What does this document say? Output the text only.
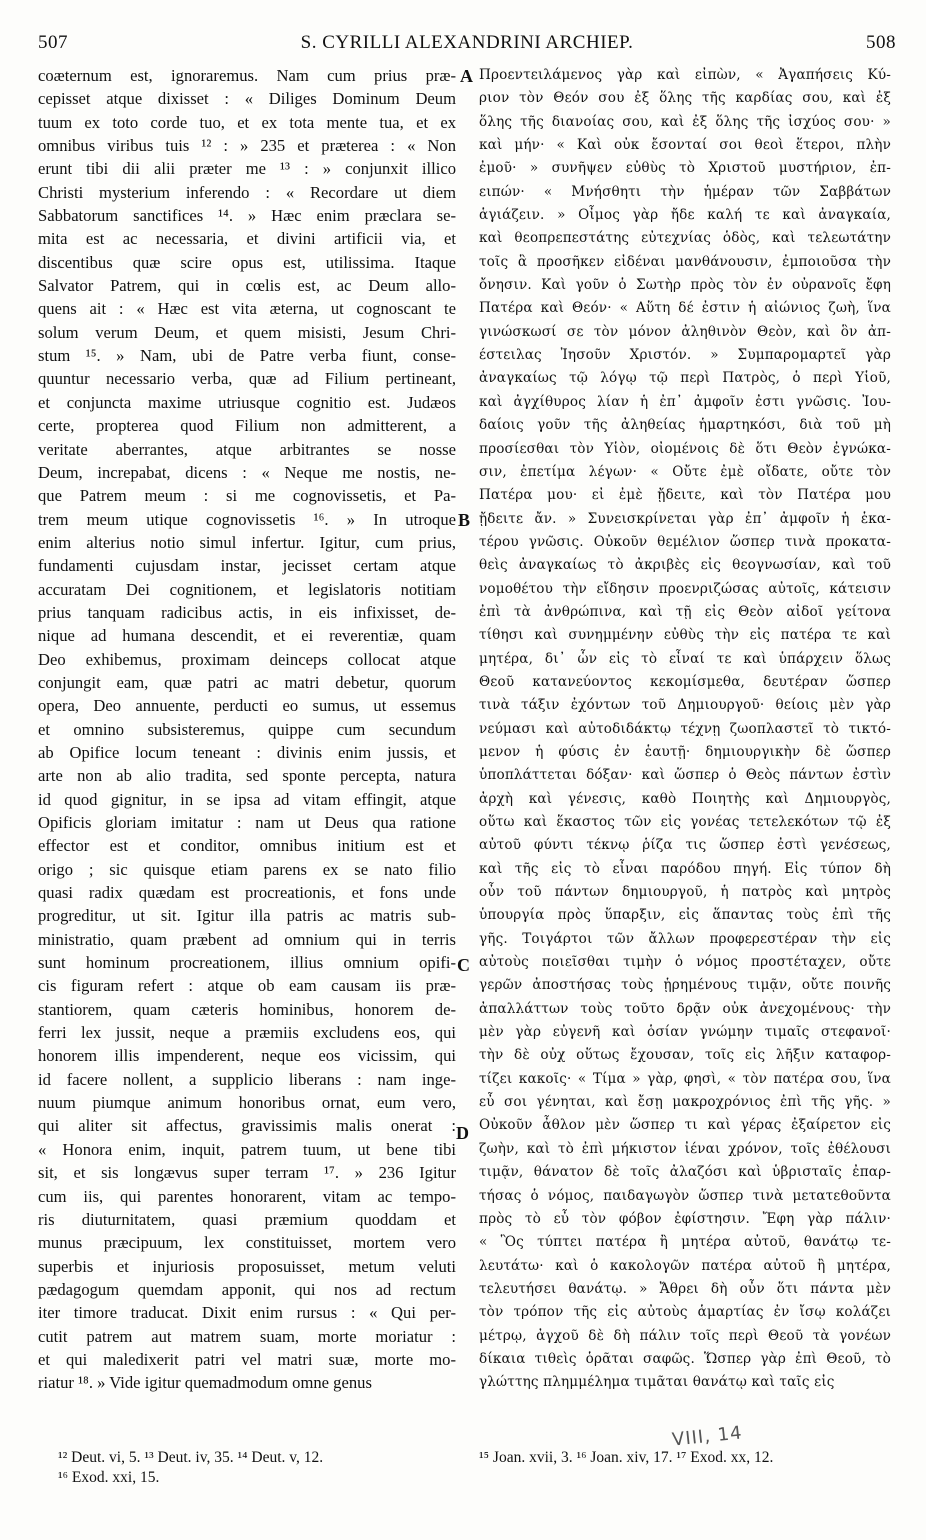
507	S. CYRILLI ALEXANDRINI ARCHIEP.	508
coæternum est, ignoraremus. Nam cum prius præ-
cepisset atque dixisset : « Diliges Dominum Deum
tuum ex toto corde tuo, et ex tota mente tua, et ex
omnibus viribus tuis ¹² : » 235 et præterea : « Non
erunt tibi dii alii præter me ¹³ : » conjunxit illico
Christi mysterium inferendo : « Recordare ut diem
Sabbatorum sanctifices ¹⁴. » Hæc enim præclara se-
mita est ac necessaria, et divini artificii via, et
discentibus quæ scire opus est, utilissima. Itaque
Salvator Patrem, qui in cœlis est, ac Deum allo-
quens ait : « Hæc est vita æterna, ut cognoscant te
solum verum Deum, et quem misisti, Jesum Chri-
stum ¹⁵. » Nam, ubi de Patre verba fiunt, conse-
quuntur necessario verba, quæ ad Filium pertineant,
et conjuncta maxime utriusque cognitio est. Judæos
certe, propterea quod Filium non admitterent, a
veritate aberrantes, atque arbitrantes se nosse
Deum, increpabat, dicens : « Neque me nostis, ne-
que Patrem meum : si me cognovissetis, et Pa-
trem meum utique cognovissetis ¹⁶. » In utroque
enim alterius notio simul infertur. Igitur, cum prius,
fundamenti cujusdam instar, jecisset certam atque
accuratam Dei cognitionem, et legislatoris notitiam
prius tanquam radicibus actis, in eis infixisset, de-
nique ad humana descendit, et ei reverentiæ, quam
Deo exhibemus, proximam deinceps collocat atque
conjungit eam, quæ patri ac matri debetur, quorum
opera, Deo annuente, perducti eo sumus, ut essemus
et omnino subsisteremus, quippe cum secundum
ab Opifice locum teneant : divinis enim jussis, et
arte non ab alio tradita, sed sponte percepta, natura
id quod gignitur, in se ipsa ad vitam effingit, atque
Opificis gloriam imitatur : nam ut Deus qua ratione
effector est et conditor, omnibus initium est et
origo ; sic quisque etiam parens ex se nato filio
quasi radix quædam est procreationis, et fons unde
progreditur, ut sit. Igitur illa patris ac matris sub-
ministratio, quam præbent ad omnium qui in terris
sunt hominum procreationem, illius omnium opifi-
cis figuram refert : atque ob eam causam iis præ-
stantiorem, quam cæteris hominibus, honorem de-
ferri lex jussit, neque a præmiis excludens eos, qui
honorem illis impenderent, neque eos vicissim, qui
id facere nollent, a supplicio liberans : nam inge-
nuum piumque animum honoribus ornat, eum vero,
qui aliter sit affectus, gravissimis malis onerat :
« Honora enim, inquit, patrem tuum, ut bene tibi
sit, et sis longævus super terram ¹⁷. » 236 Igitur
cum iis, qui parentes honorarent, vitam ac tempo-
ris diuturnitatem, quasi præmium quoddam et
munus præcipuum, lex constituisset, mortem vero
superbis et injuriosis proposuisset, metum veluti
pædagogum quemdam apponit, qui nos ad rectum
iter timore traducat. Dixit enim rursus : « Qui per-
cutit patrem aut matrem suam, morte moriatur :
et qui maledixerit patri vel matri suæ, morte mo-
riatur ¹⁸. » Vide igitur quemadmodum omne genus
Προεντειλάμενος γὰρ καὶ εἰπὼν, « Ἀγαπήσεις Κύ-
ριον τὸν Θεόν σου ἐξ ὅλης τῆς καρδίας σου, καὶ ἐξ
ὅλης τῆς διανοίας σου, καὶ ἐξ ὅλης τῆς ἰσχύος σου· »
καὶ μήν· « Καὶ οὐκ ἔσονταί σοι θεοὶ ἕτεροι, πλὴν
ἐμοῦ· » συνῆψεν εὐθὺς τὸ Χριστοῦ μυστήριον, ἐπ-
ειπών· « Μνήσθητι τὴν ἡμέραν τῶν Σαββάτων
ἁγιάζειν. » Οἶμος γὰρ ἤδε καλή τε καὶ ἀναγκαία,
καὶ θεοπρεπεστάτης εὐτεχνίας ὁδὸς, καὶ τελεωτάτην
τοῖς ἃ προσῆκεν εἰδέναι μανθάνουσιν, ἐμποιοῦσα τὴν
ὄνησιν. Καὶ γοῦν ὁ Σωτὴρ πρὸς τὸν ἐν οὐρανοῖς ἔφη
Πατέρα καὶ Θεόν· « Αὕτη δέ ἐστιν ἡ αἰώνιος ζωὴ, ἵνα
γινώσκωσί σε τὸν μόνον ἀληθινὸν Θεὸν, καὶ ὃν ἀπ-
έστειλας Ἰησοῦν Χριστόν. » Συμπαρομαρτεῖ γὰρ
ἀναγκαίως τῷ λόγῳ τῷ περὶ Πατρὸς, ὁ περὶ Υἱοῦ,
καὶ ἀγχίθυρος λίαν ἡ ἐπ᾽ ἀμφοῖν ἐστι γνῶσις. Ἰου-
δαίοις γοῦν τῆς ἀληθείας ἡμαρτηκόσι, διὰ τοῦ μὴ
προσίεσθαι τὸν Υἱὸν, οἰομένοις δὲ ὅτι Θεὸν ἐγνώκα-
σιν, ἐπετίμα λέγων· « Οὔτε ἐμὲ οἴδατε, οὔτε τὸν
Πατέρα μου· εἰ ἐμὲ ᾔδειτε, καὶ τὸν Πατέρα μου
ᾔδειτε ἄν. » Συνεισκρίνεται γὰρ ἐπ᾽ ἀμφοῖν ἡ ἑκα-
τέρου γνῶσις. Οὐκοῦν θεμέλιον ὥσπερ τινὰ προκατα-
θεὶς ἀναγκαίως τὸ ἀκριβὲς εἰς θεογνωσίαν, καὶ τοῦ
νομοθέτου τὴν εἴδησιν προενριζώσας αὐτοῖς, κάτεισιν
ἐπὶ τὰ ἀνθρώπινα, καὶ τῇ εἰς Θεὸν αἰδοῖ γείτονα
τίθησι καὶ συνημμένην εὐθὺς τὴν εἰς πατέρα τε καὶ
μητέρα, δι᾽ ὧν εἰς τὸ εἶναί τε καὶ ὑπάρχειν ὅλως
Θεοῦ κατανεύοντος κεκομίσμεθα, δευτέραν ὥσπερ
τινὰ τάξιν ἐχόντων τοῦ Δημιουργοῦ· θείοις μὲν γὰρ
νεύμασι καὶ αὐτοδιδάκτῳ τέχνῃ ζωοπλαστεῖ τὸ τικτό-
μενον ἡ φύσις ἐν ἑαυτῇ· δημιουργικὴν δὲ ὥσπερ
ὑποπλάττεται δόξαν· καὶ ὥσπερ ὁ Θεὸς πάντων ἐστὶν
ἀρχὴ καὶ γένεσις, καθὸ Ποιητὴς καὶ Δημιουργὸς,
οὕτω καὶ ἕκαστος τῶν εἰς γονέας τετελεκότων τῷ ἐξ
αὐτοῦ φύντι τέκνῳ ῥίζα τις ὥσπερ ἐστὶ γενέσεως,
καὶ τῆς εἰς τὸ εἶναι παρόδου πηγή. Εἰς τύπον δὴ
οὖν τοῦ πάντων δημιουργοῦ, ἡ πατρὸς καὶ μητρὸς
ὑπουργία πρὸς ὕπαρξιν, εἰς ἅπαντας τοὺς ἐπὶ τῆς
γῆς. Τοιγάρτοι τῶν ἄλλων προφερεστέραν τὴν εἰς
αὐτοὺς ποιεῖσθαι τιμὴν ὁ νόμος προστέταχεν, οὔτε
γερῶν ἀποστήσας τοὺς ᾑρημένους τιμᾷν, οὔτε ποινῆς
ἀπαλλάττων τοὺς τοῦτο δρᾷν οὐκ ἀνεχομένους· τὴν
μὲν γὰρ εὐγενῆ καὶ ὁσίαν γνώμην τιμαῖς στεφανοῖ·
τὴν δὲ οὐχ οὕτως ἔχουσαν, τοῖς εἰς λῆξιν καταφορ-
τίζει κακοῖς· « Τίμα » γὰρ, φησὶ, « τὸν πατέρα σου, ἵνα
εὖ σοι γένηται, καὶ ἔσῃ μακροχρόνιος ἐπὶ τῆς γῆς. »
Οὐκοῦν ἆθλον μὲν ὥσπερ τι καὶ γέρας ἐξαίρετον εἰς
ζωὴν, καὶ τὸ ἐπὶ μήκιστον ἰέναι χρόνον, τοῖς ἐθέλουσι
τιμᾷν, θάνατον δὲ τοῖς ἀλαζόσι καὶ ὑβρισταῖς ἐπαρ-
τήσας ὁ νόμος, παιδαγωγὸν ὥσπερ τινὰ μετατεθοῦντα
πρὸς τὸ εὖ τὸν φόβον ἐφίστησιν. Ἔφη γὰρ πάλιν·
« Ὃς τύπτει πατέρα ἢ μητέρα αὐτοῦ, θανάτῳ τε-
λευτάτω· καὶ ὁ κακολογῶν πατέρα αὐτοῦ ἢ μητέρα,
τελευτήσει θανάτῳ. » Ἄθρει δὴ οὖν ὅτι πάντα μὲν
τὸν τρόπον τῆς εἰς αὐτοὺς ἁμαρτίας ἐν ἴσῳ κολάζει
μέτρῳ, ἀγχοῦ δὲ δὴ πάλιν τοῖς περὶ Θεοῦ τὰ γονέων
δίκαια τιθεὶς ὁρᾶται σαφῶς. Ὥσπερ γὰρ ἐπὶ Θεοῦ, τὸ
γλώττης πλημμέλημα τιμᾶται θανάτῳ καὶ ταῖς εἰς
A
B
C
D
¹² Deut. vi, 5. ¹³ Deut. iv, 35. ¹⁴ Deut. v, 12.
¹⁶ Exod. xxi, 15.
¹⁵ Joan. xvii, 3. ¹⁶ Joan. xiv, 17. ¹⁷ Exod. xx, 12.
VIII, 14
